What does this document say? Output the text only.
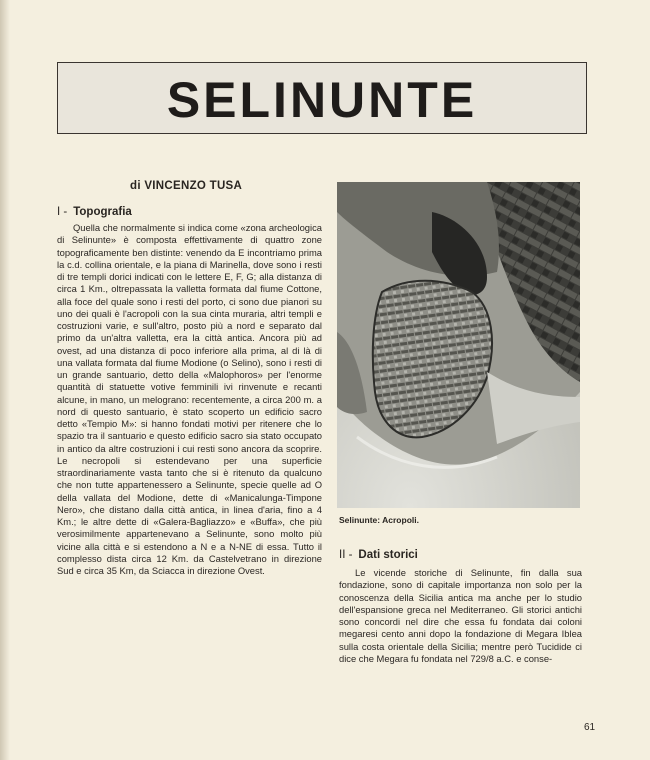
SELINUNTE
di VINCENZO TUSA
I - Topografia
Quella che normalmente si indica come «zona archeologica di Selinunte» è composta effettivamente di quattro zone topograficamente ben distinte: venendo da E incontriamo prima la c.d. collina orientale, e la piana di Marinella, dove sono i resti di tre templi dorici indicati con le lettere E, F, G; alla distanza di circa 1 Km., oltrepassata la valletta formata dal fiume Cottone, alla foce del quale sono i resti del porto, ci sono due pianori su uno dei quali è l'acropoli con la sua cinta muraria, altri templi e costruzioni varie, e sull'altro, posto più a nord e separato dal primo da un'altra valletta, era la città antica. Ancora più ad ovest, ad una distanza di poco inferiore alla prima, al di là di una vallata formata dal fiume Modione (o Selino), sono i resti di un grande santuario, detto della «Malophoros» per l'enorme quantità di statuette votive femminili ivi rinvenute e recanti alcune, in mano, un melograno: recentemente, a circa 200 m. a nord di questo santuario, è stato scoperto un edificio sacro detto «Tempio M»: si hanno fondati motivi per ritenere che lo spazio tra il santuario e questo edificio sacro sia stato occupato in antico da altre costruzioni i cui resti sono ancora da scoprire. Le necropoli si estendevano per una superficie straordinariamente vasta tanto che si è ritenuto da qualcuno che non tutte appartenessero a Selinunte, specie quelle ad O della vallata del Modione, dette di «Manicalunga-Timpone Nero», che distano dalla città antica, in linea d'aria, fino a 4 Km.; le altre dette di «Galera-Bagliazzo» e «Buffa», che più verosimilmente appartenevano a Selinunte, sono molto più vicine alla città e si estendono a N e a N-NE di essa. Tutto il complesso dista circa 12 Km. da Castelvetrano in direzione Sud e circa 35 Km, da Sciacca in direzione Ovest.
Selinunte: Acropoli.
II - Dati storici
Le vicende storiche di Selinunte, fin dalla sua fondazione, sono di capitale importanza non solo per la conoscenza della Sicilia antica ma anche per lo studio dell'espansione greca nel Mediterraneo. Gli storici antichi sono concordi nel dire che essa fu fondata dai coloni megaresi cento anni dopo la fondazione di Megara Iblea sulla costa orientale della Sicilia; mentre però Tucidide ci dice che Megara fu fondata nel 729/8 a.C. e conse-
61
